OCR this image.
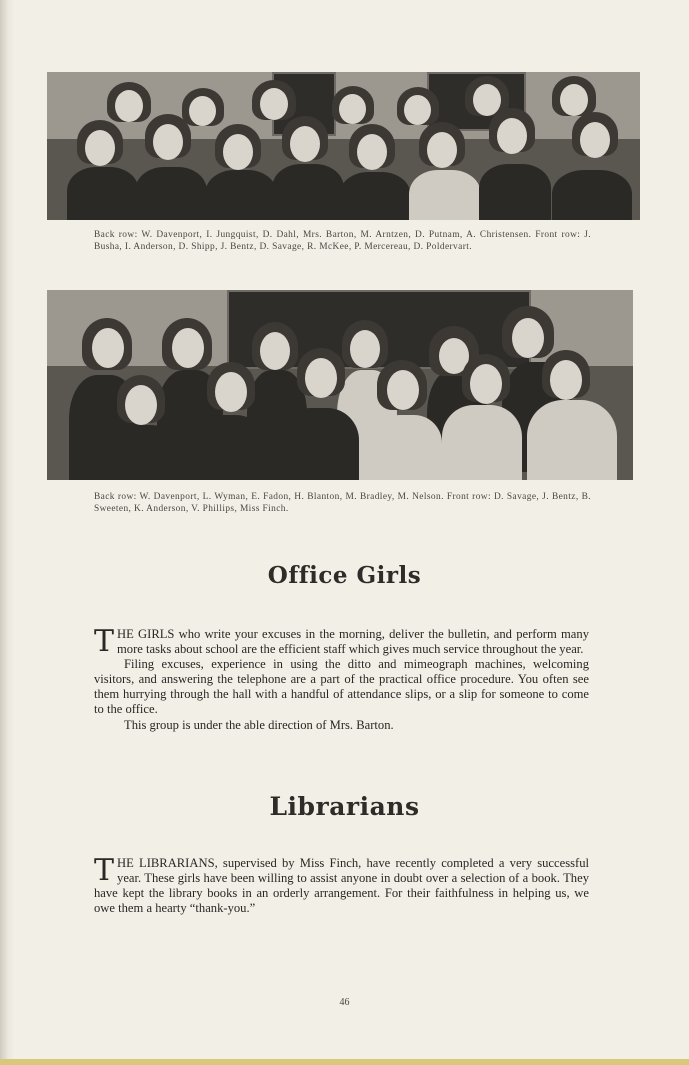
Back row: W. Davenport, I. Jungquist, D. Dahl, Mrs. Barton, M. Arntzen, D. Putnam, A. Christensen. Front row: J. Busha, I. Anderson, D. Shipp, J. Bentz, D. Savage, R. McKee, P. Mercereau, D. Poldervart.
Back row: W. Davenport, L. Wyman, E. Fadon, H. Blanton, M. Bradley, M. Nelson. Front row: D. Savage, J. Bentz, B. Sweeten, K. Anderson, V. Phillips, Miss Finch.
Office Girls

THE GIRLS who write your excuses in the morning, deliver the bulletin, and perform many more tasks about school are the efficient staff which gives much service throughout the year.

Filing excuses, experience in using the ditto and mimeograph machines, welcoming visitors, and answering the telephone are a part of the practical office procedure. You often see them hurrying through the hall with a handful of attendance slips, or a slip for someone to come to the office.

This group is under the able direction of Mrs. Barton.

Librarians

THE LIBRARIANS, supervised by Miss Finch, have recently completed a very successful year. These girls have been willing to assist anyone in doubt over a selection of a book. They have kept the library books in an orderly arrangement. For their faithfulness in helping us, we owe them a hearty “thank-you.”

46
